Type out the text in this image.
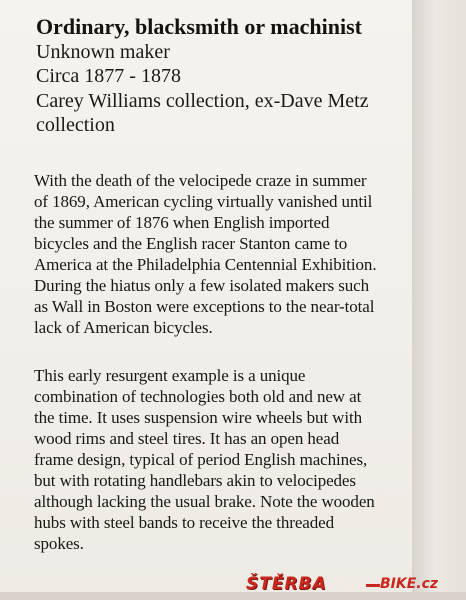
Ordinary, blacksmith or machinist
Unknown maker
Circa 1877 - 1878
Carey Williams collection, ex-Dave Metz
collection
With the death of the velocipede craze in summer
of 1869, American cycling virtually vanished until
the summer of 1876 when English imported
bicycles and the English racer Stanton came to
America at the Philadelphia Centennial Exhibition.
During the hiatus only a few isolated makers such
as Wall in Boston were exceptions to the near-total
lack of American bicycles.
This early resurgent example is a unique
combination of technologies both old and new at
the time. It uses suspension wire wheels but with
wood rims and steel tires. It has an open head
frame design, typical of period English machines,
but with rotating handlebars akin to velocipedes
although lacking the usual brake. Note the wooden
hubs with steel bands to receive the threaded
spokes.
ŠTĚRBA	BIKE.cz
